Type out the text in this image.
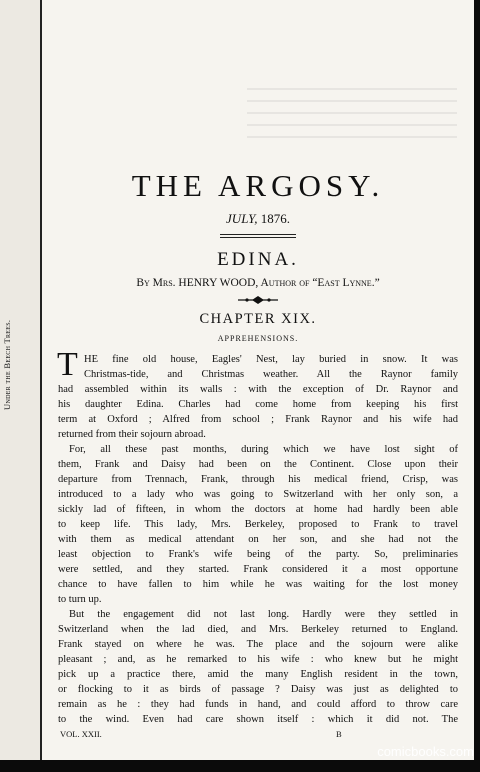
Under the Beech Trees.
THE ARGOSY.
JULY, 1876.
EDINA.
By Mrs. HENRY WOOD, Author of “East Lynne.”
CHAPTER XIX.
APPREHENSIONS.
T HE fine old house, Eagles' Nest, lay buried in snow. It was
Christmas-tide, and Christmas weather. All the Raynor family
had assembled within its walls : with the exception of Dr. Raynor and
his daughter Edina. Charles had come home from keeping his first
term at Oxford ; Alfred from school ; Frank Raynor and his wife had
returned from their sojourn abroad.
For, all these past months, during which we have lost sight of
them, Frank and Daisy had been on the Continent. Close upon their
departure from Trennach, Frank, through his medical friend, Crisp, was
introduced to a lady who was going to Switzerland with her only son, a
sickly lad of fifteen, in whom the doctors at home had hardly been able
to keep life. This lady, Mrs. Berkeley, proposed to Frank to travel
with them as medical attendant on her son, and she had not the
least objection to Frank's wife being of the party. So, preliminaries
were settled, and they started. Frank considered it a most opportune
chance to have fallen to him while he was waiting for the lost money
to turn up.
But the engagement did not last long. Hardly were they settled in
Switzerland when the lad died, and Mrs. Berkeley returned to England.
Frank stayed on where he was. The place and the sojourn were alike
pleasant ; and, as he remarked to his wife : who knew but he might
pick up a practice there, amid the many English resident in the town,
or flocking to it as birds of passage ? Daisy was just as delighted to
remain as he : they had funds in hand, and could afford to throw care
to the wind. Even had care shown itself : which it did not. The
VOL. XXII.	B
comicbooks.com
